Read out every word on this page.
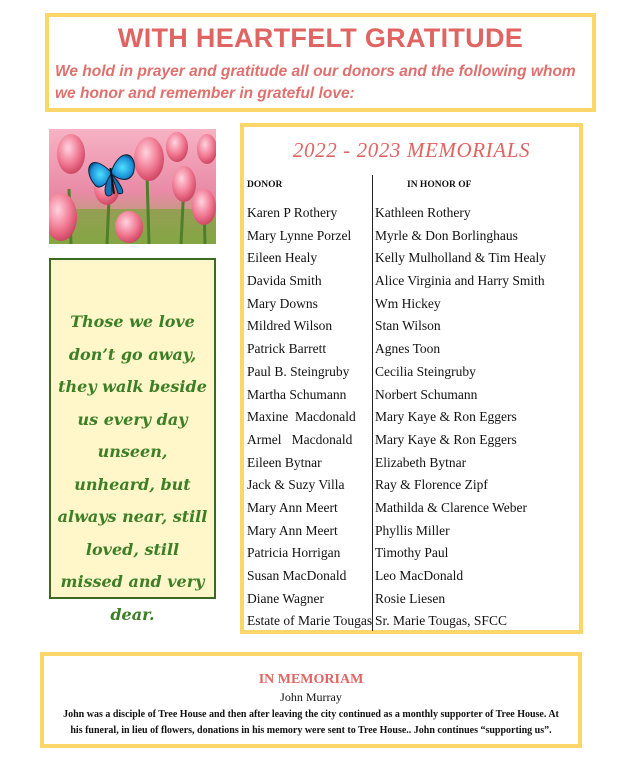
WITH HEARTFELT GRATITUDE
We hold in prayer and gratitude all our donors and the following whom we honor and remember in grateful love:
Those we love don’t go away, they walk beside us every day unseen, unheard, but always near, still loved, still missed and very dear.
2022 - 2023 MEMORIALS
DONOR	IN HONOR OF
Karen P Rothery
Mary Lynne Porzel
Eileen Healy
Davida Smith
Mary Downs
Mildred Wilson
Patrick Barrett
Paul B. Steingruby
Martha Schumann
Maxine  Macdonald
Armel   Macdonald
Eileen Bytnar
Jack & Suzy Villa
Mary Ann Meert
Mary Ann Meert
Patricia Horrigan
Susan MacDonald
Diane Wagner
Estate of Marie Tougas
Kathleen Rothery
Myrle & Don Borlinghaus
Kelly Mulholland & Tim Healy
Alice Virginia and Harry Smith
Wm Hickey
Stan Wilson
Agnes Toon
Cecilia Steingruby
Norbert Schumann
Mary Kaye & Ron Eggers
Mary Kaye & Ron Eggers
Elizabeth Bytnar
Ray & Florence Zipf
Mathilda & Clarence Weber
Phyllis Miller
Timothy Paul
Leo MacDonald
Rosie Liesen
Sr. Marie Tougas, SFCC
IN MEMORIAM
John Murray
John was a disciple of Tree House and then after leaving the city continued as a monthly supporter of Tree House. At his funeral, in lieu of flowers, donations in his memory were sent to Tree House.. John continues “supporting us”.
